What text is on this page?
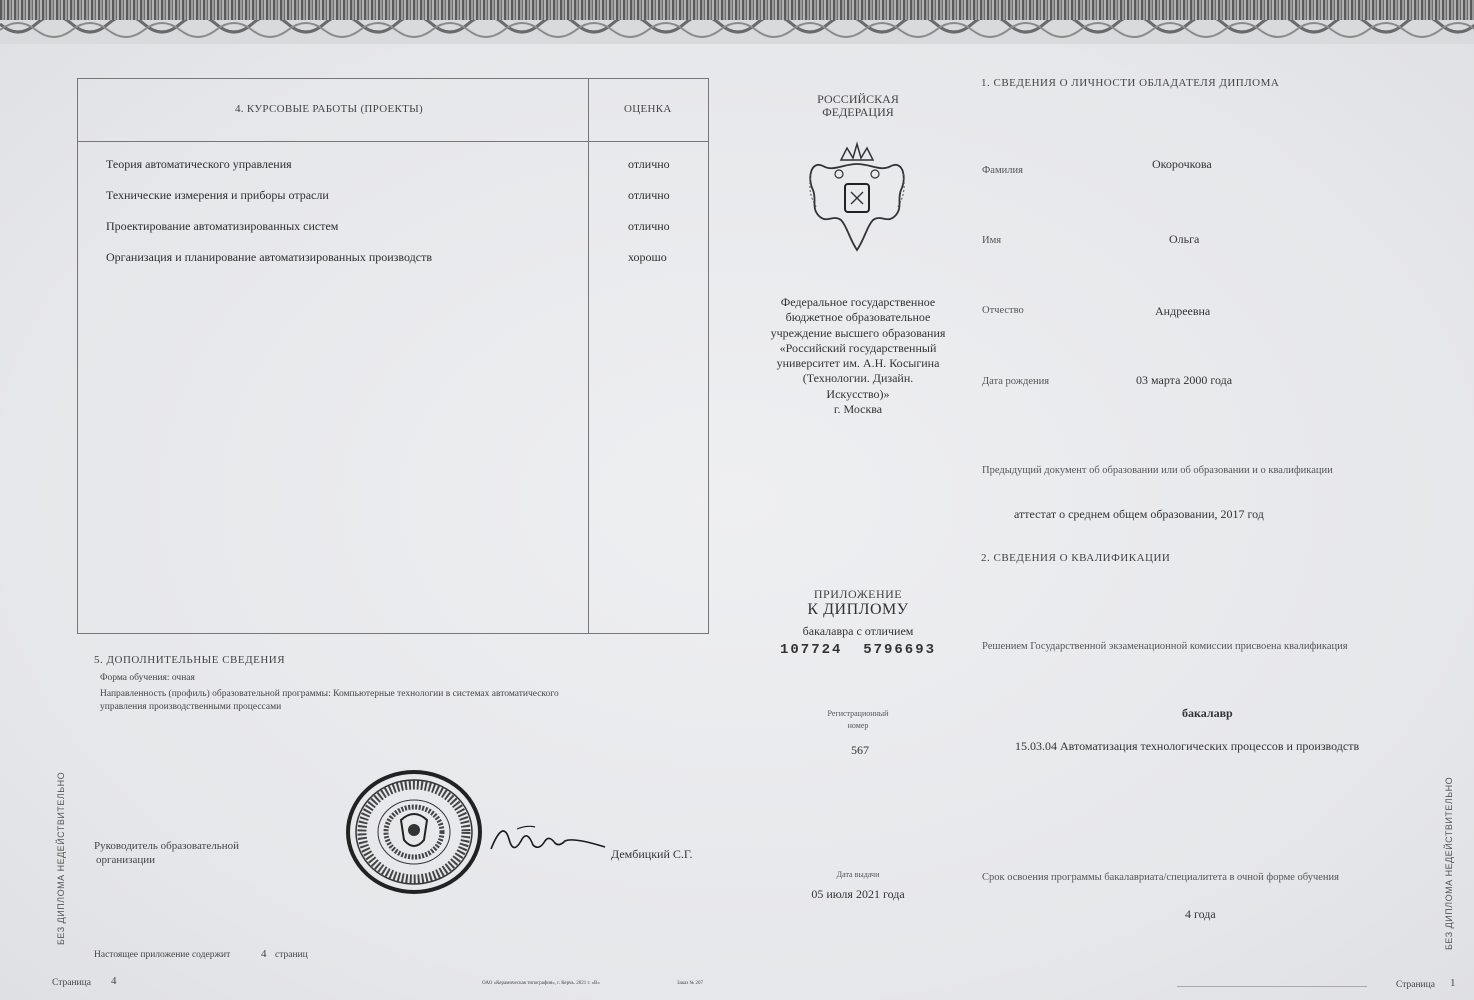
4. КУРСОВЫЕ РАБОТЫ (ПРОЕКТЫ)	ОЦЕНКА
Теория автоматического управления	отлично
Технические измерения и приборы отрасли	отлично
Проектирование автоматизированных систем	отлично
Организация и планирование автоматизированных производств	хорошо
5. ДОПОЛНИТЕЛЬНЫЕ СВЕДЕНИЯ
Форма обучения: очная
Направленность (профиль) образовательной программы: Компьютерные технологии в системах автоматического
управления производственными процессами
Руководитель образовательной
организации	Дембицкий С.Г.
Настоящее приложение содержит	4 страниц
Страница 4	ОАО «Керамическая типография», г. Керчь. 2021 г. «В»	Заказ № 207
БЕЗ ДИПЛОМА НЕДЕЙСТВИТЕЛЬНО
РОССИЙСКАЯ
ФЕДЕРАЦИЯ
Федеральное государственное
бюджетное образовательное
учреждение высшего образования
«Российский государственный
университет им. А.Н. Косыгина
(Технологии. Дизайн.
Искусство)»
г. Москва
ПРИЛОЖЕНИЕ
К ДИПЛОМУ
бакалавра с отличием
107724  5796693
Регистрационный
номер
567
Дата выдачи
05 июля 2021 года
1. СВЕДЕНИЯ О ЛИЧНОСТИ ОБЛАДАТЕЛЯ ДИПЛОМА
Фамилия	Окорочкова
Имя	Ольга
Отчество	Андреевна
Дата рождения	03 марта 2000 года
Предыдущий документ об образовании или об образовании и о квалификации
аттестат о среднем общем образовании, 2017 год
2. СВЕДЕНИЯ О КВАЛИФИКАЦИИ
Решением Государственной экзаменационной комиссии присвоена квалификация
бакалавр
15.03.04 Автоматизация технологических процессов и производств
Срок освоения программы бакалавриата/специалитета в очной форме обучения
4 года
Страница 1
БЕЗ ДИПЛОМА НЕДЕЙСТВИТЕЛЬНО
